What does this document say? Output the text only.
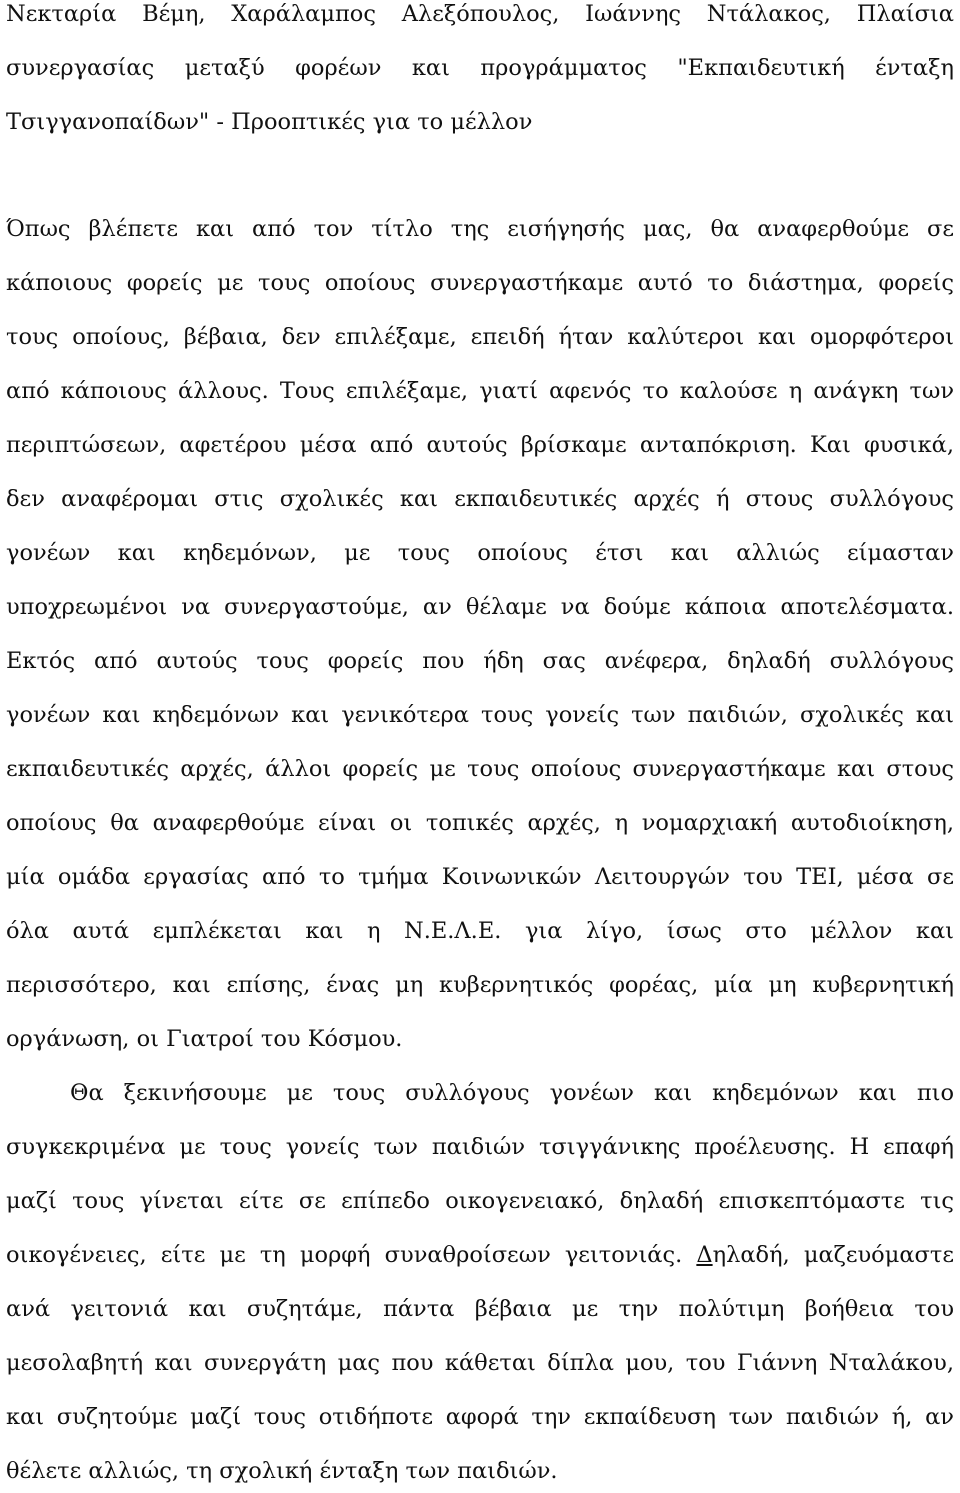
Νεκταρία Βέμη, Χαράλαμπος Αλεξόπουλος, Ιωάννης Ντάλακος, Πλαίσια
συνεργασίας μεταξύ φορέων και προγράμματος "Εκπαιδευτική ένταξη
Τσιγγανοπαίδων" - Προοπτικές για το μέλλον
Όπως βλέπετε και από τον τίτλο της εισήγησής μας, θα αναφερθούμε σε
κάποιους φορείς με τους οποίους συνεργαστήκαμε αυτό το διάστημα, φορείς
τους οποίους, βέβαια, δεν επιλέξαμε, επειδή ήταν καλύτεροι και ομορφότεροι
από κάποιους άλλους. Τους επιλέξαμε, γιατί αφενός το καλούσε η ανάγκη των
περιπτώσεων, αφετέρου μέσα από αυτούς βρίσκαμε ανταπόκριση. Και φυσικά,
δεν αναφέρομαι στις σχολικές και εκπαιδευτικές αρχές ή στους συλλόγους
γονέων και κηδεμόνων, με τους οποίους έτσι και αλλιώς είμασταν
υποχρεωμένοι να συνεργαστούμε, αν θέλαμε να δούμε κάποια αποτελέσματα.
Εκτός από αυτούς τους φορείς που ήδη σας ανέφερα, δηλαδή συλλόγους
γονέων και κηδεμόνων και γενικότερα τους γονείς των παιδιών, σχολικές και
εκπαιδευτικές αρχές, άλλοι φορείς με τους οποίους συνεργαστήκαμε και στους
οποίους θα αναφερθούμε είναι οι τοπικές αρχές, η νομαρχιακή αυτοδιοίκηση,
μία ομάδα εργασίας από το τμήμα Κοινωνικών Λειτουργών του ΤΕΙ, μέσα σε
όλα αυτά εμπλέκεται και η Ν.Ε.Λ.Ε. για λίγο, ίσως στο μέλλον και
περισσότερο, και επίσης, ένας μη κυβερνητικός φορέας, μία μη κυβερνητική
οργάνωση, οι Γιατροί του Κόσμου.
Θα ξεκινήσουμε με τους συλλόγους γονέων και κηδεμόνων και πιο
συγκεκριμένα με τους γονείς των παιδιών τσιγγάνικης προέλευσης. Η επαφή
μαζί τους γίνεται είτε σε επίπεδο οικογενειακό, δηλαδή επισκεπτόμαστε τις
οικογένειες, είτε με τη μορφή συναθροίσεων γειτονιάς. Δηλαδή, μαζευόμαστε
ανά γειτονιά και συζητάμε, πάντα βέβαια με την πολύτιμη βοήθεια του
μεσολαβητή και συνεργάτη μας που κάθεται δίπλα μου, του Γιάννη Νταλάκου,
και συζητούμε μαζί τους οτιδήποτε αφορά την εκπαίδευση των παιδιών ή, αν
θέλετε αλλιώς, τη σχολική ένταξη των παιδιών.
